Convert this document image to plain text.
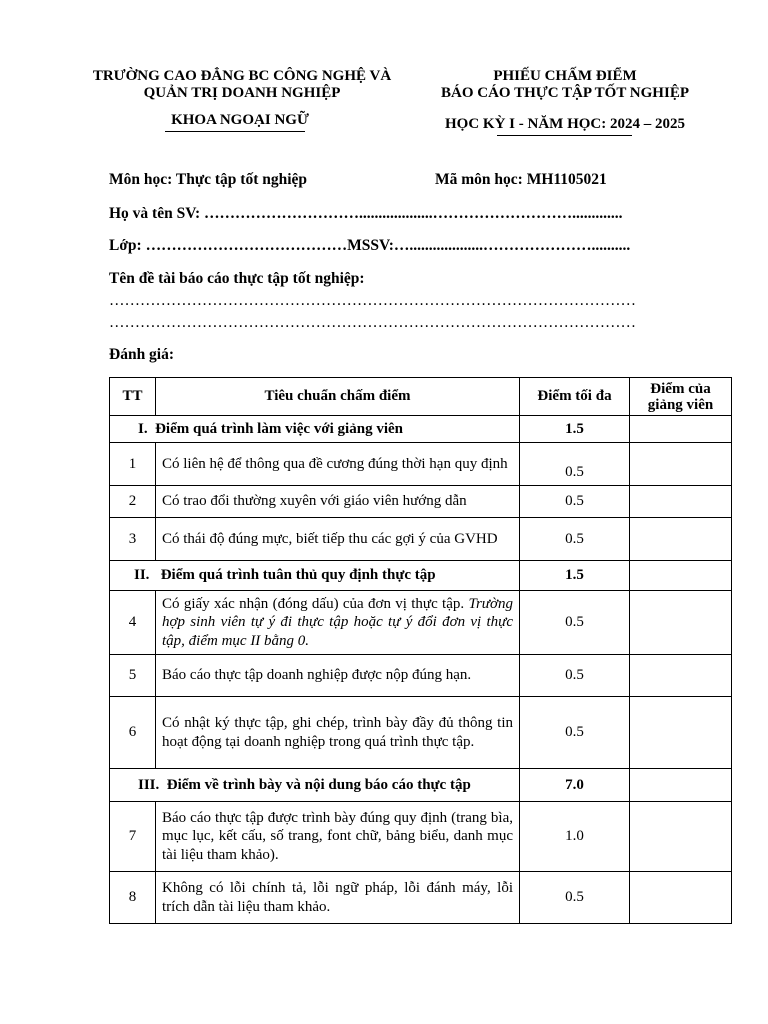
TRƯỜNG CAO ĐẲNG BC CÔNG NGHỆ VÀ
QUẢN TRỊ DOANH NGHIỆP
KHOA NGOẠI NGỮ
PHIẾU CHẤM ĐIỂM
BÁO CÁO THỰC TẬP TỐT NGHIỆP
HỌC KỲ I - NĂM HỌC: 2024 – 2025
Môn học: Thực tập tốt nghiệp	Mã môn học: MH1105021
Họ và tên SV: …………………………...................……………………….............
Lớp: …………………………………MSSV:…...................…………………..........
Tên đề tài báo cáo thực tập tốt nghiệp:
…………………………………………………………………………………………
…………………………………………………………………………………………
Đánh giá:
TT	Tiêu chuẩn chấm điểm	Điểm tối đa	Điểm của giảng viên
I. Điểm quá trình làm việc với giảng viên		1.5	
1	Có liên hệ để thông qua đề cương đúng thời hạn quy định	0.5	
2	Có trao đổi thường xuyên với giáo viên hướng dẫn	0.5	
3	Có thái độ đúng mực, biết tiếp thu các gợi ý của GVHD	0.5	
II. Điểm quá trình tuân thủ quy định thực tập		1.5	
4	Có giấy xác nhận (đóng dấu) của đơn vị thực tập. Trường hợp sinh viên tự ý đi thực tập hoặc tự ý đổi đơn vị thực tập, điểm mục II bằng 0.	0.5	
5	Báo cáo thực tập doanh nghiệp được nộp đúng hạn.	0.5	
6	Có nhật ký thực tập, ghi chép, trình bày đầy đủ thông tin hoạt động tại doanh nghiệp trong quá trình thực tập.	0.5	
III. Điểm về trình bày và nội dung báo cáo thực tập		7.0	
7	Báo cáo thực tập được trình bày đúng quy định (trang bìa, mục lục, kết cấu, số trang, font chữ, bảng biểu, danh mục tài liệu tham khảo).	1.0	
8	Không có lỗi chính tả, lỗi ngữ pháp, lỗi đánh máy, lỗi trích dẫn tài liệu tham khảo.	0.5	
